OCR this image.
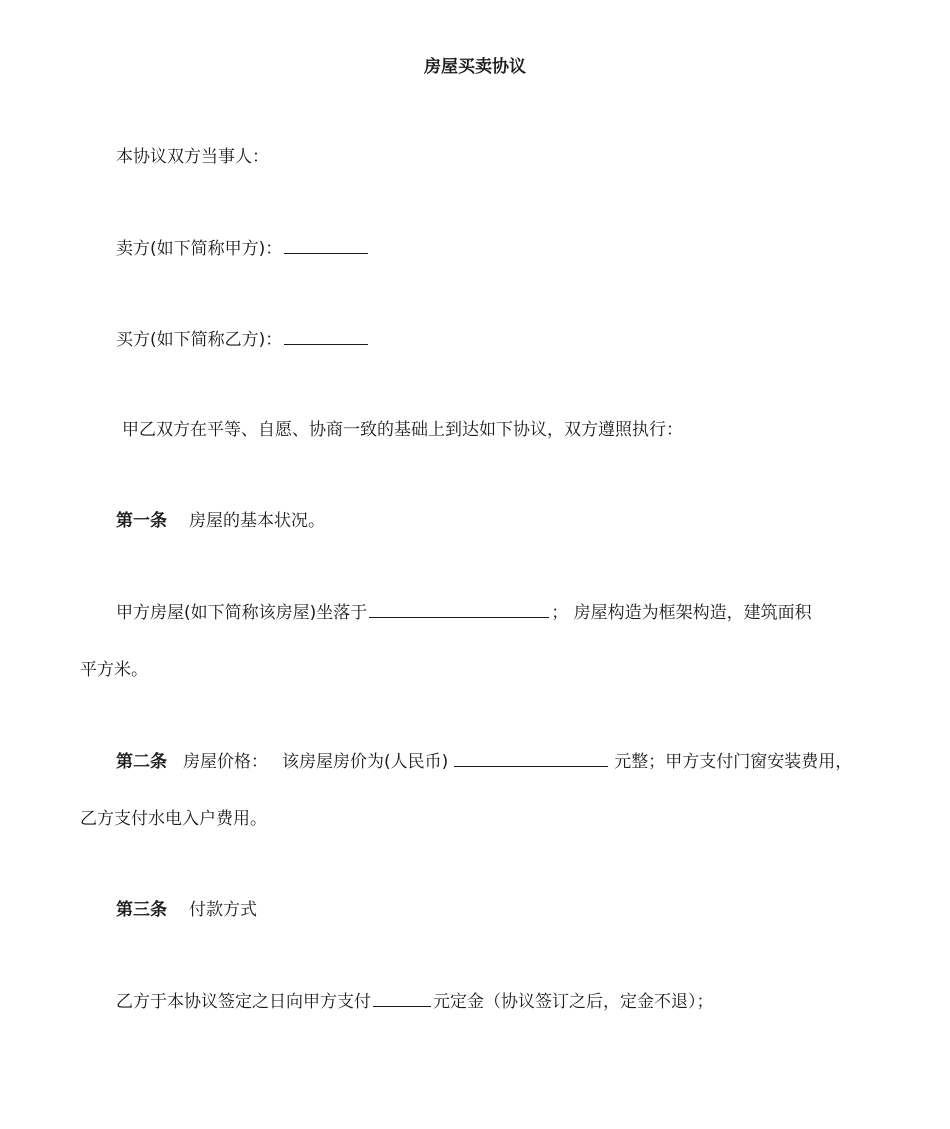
房屋买卖协议
本协议双方当事人：
卖方(如下简称甲方)：
买方(如下简称乙方)：
甲乙双方在平等、自愿、协商一致的基础上到达如下协议，双方遵照执行：
第一条 房屋的基本状况。
甲方房屋(如下简称该房屋)坐落于	； 房屋构造为框架构造，建筑面积
平方米。
第二条 房屋价格： 该房屋房价为(人民币)	元整；甲方支付门窗安装费用，
乙方支付水电入户费用。
第三条 付款方式
乙方于本协议签定之日向甲方支付	元定金（协议签订之后，定金不退）；
